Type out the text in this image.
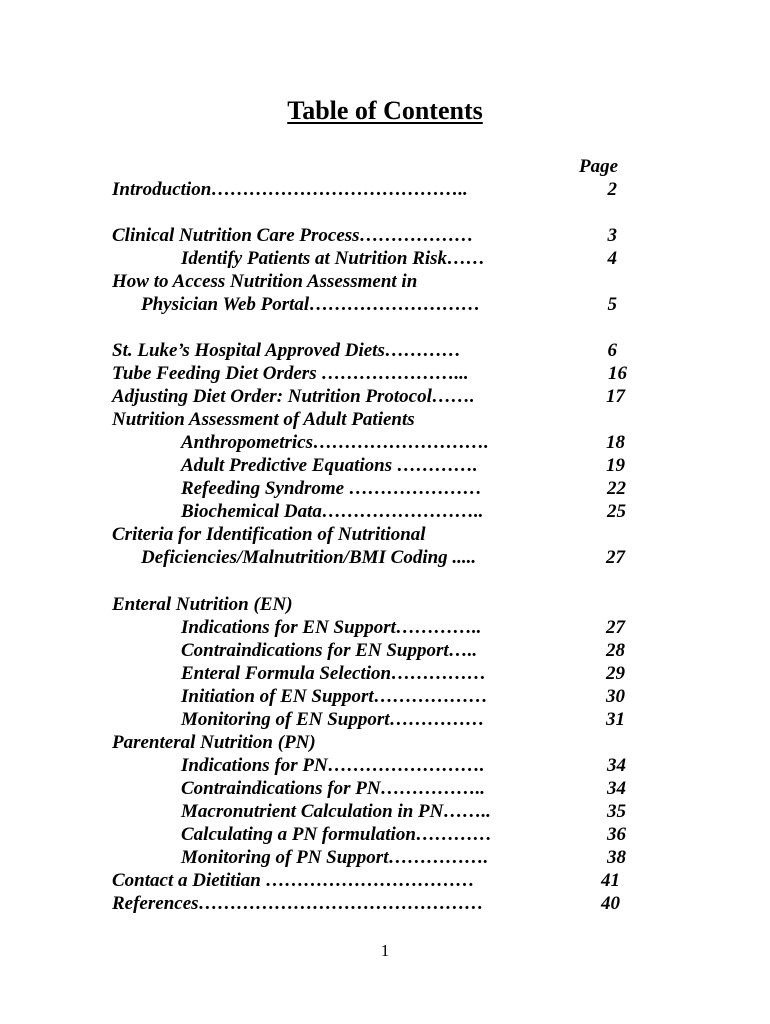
Table of Contents
Page
Introduction…………………………………..	2
Clinical Nutrition Care Process………………	3
Identify Patients at Nutrition Risk……	4
How to Access Nutrition Assessment in
Physician Web Portal………………………	5
St. Luke’s Hospital Approved Diets…………	6
Tube Feeding Diet Orders …………………...	16
Adjusting Diet Order: Nutrition Protocol…….	17
Nutrition Assessment of Adult Patients
Anthropometrics……………………….	18
Adult Predictive Equations ………….	19
Refeeding Syndrome …………………	22
Biochemical Data……………………..	25
Criteria for Identification of Nutritional
Deficiencies/Malnutrition/BMI Coding .....	27
Enteral Nutrition (EN)
Indications for EN Support…………..	27
Contraindications for EN Support…..	28
Enteral Formula Selection……………	29
Initiation of EN Support………………	30
Monitoring of EN Support……………	31
Parenteral Nutrition (PN)
Indications for PN…………………….	34
Contraindications for PN……………..	34
Macronutrient Calculation in PN……..	35
Calculating a PN formulation…………	36
Monitoring of PN Support…………….	38
Contact a Dietitian ……………………………	41
References………………………………………	40
1
